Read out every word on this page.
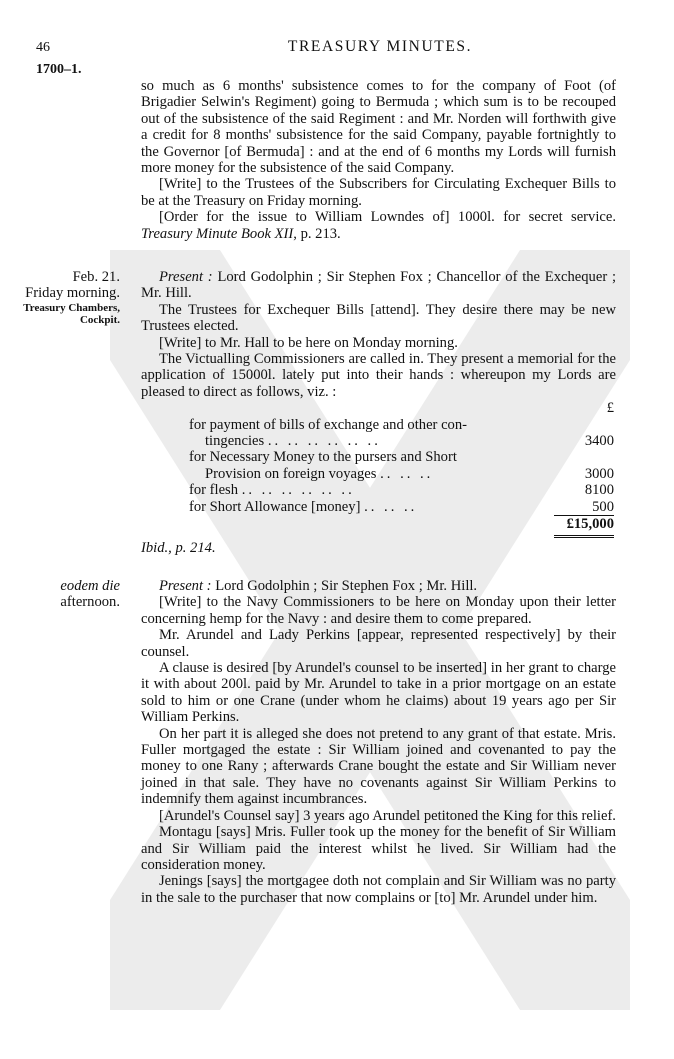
46	TREASURY MINUTES.
1700–1.

so much as 6 months' subsistence comes to for the company of Foot (of Brigadier Selwin's Regiment) going to Bermuda ; which sum is to be recouped out of the subsistence of the said Regiment : and Mr. Norden will forthwith give a credit for 8 months' subsistence for the said Company, payable fortnightly to the Governor [of Bermuda] : and at the end of 6 months my Lords will furnish more money for the subsistence of the said Company.

[Write] to the Trustees of the Subscribers for Circulating Exchequer Bills to be at the Treasury on Friday morning.

[Order for the issue to William Lowndes of] 1000l. for secret service. Treasury Minute Book XII, p. 213.

Feb. 21.
Friday morning.
Treasury Chambers, Cockpit.

Present : Lord Godolphin ; Sir Stephen Fox ; Chancellor of the Exchequer ; Mr. Hill.

The Trustees for Exchequer Bills [attend]. They desire there may be new Trustees elected.

[Write] to Mr. Hall to be here on Monday morning.

The Victualling Commissioners are called in. They present a memorial for the application of 15000l. lately put into their hands : whereupon my Lords are pleased to direct as follows, viz. :

	£
for payment of bills of exchange and other con-	
tingencies .. .. .. .. .. ..	3400
for Necessary Money to the pursers and Short	
Provision on foreign voyages .. .. ..	3000
for flesh .. .. .. .. .. ..	8100
for Short Allowance [money] .. .. ..	500
	£15,000
Ibid., p. 214.
eodem die
afternoon.

Present : Lord Godolphin ; Sir Stephen Fox ; Mr. Hill.

[Write] to the Navy Commissioners to be here on Monday upon their letter concerning hemp for the Navy : and desire them to come prepared.

Mr. Arundel and Lady Perkins [appear, represented respectively] by their counsel.

A clause is desired [by Arundel's counsel to be inserted] in her grant to charge it with about 200l. paid by Mr. Arundel to take in a prior mortgage on an estate sold to him or one Crane (under whom he claims) about 19 years ago per Sir William Perkins.

On her part it is alleged she does not pretend to any grant of that estate. Mris. Fuller mortgaged the estate : Sir William joined and covenanted to pay the money to one Rany ; afterwards Crane bought the estate and Sir William never joined in that sale. They have no covenants against Sir William Perkins to indemnify them against incumbrances.

[Arundel's Counsel say] 3 years ago Arundel petitoned the King for this relief.

Montagu [says] Mris. Fuller took up the money for the benefit of Sir William and Sir William paid the interest whilst he lived. Sir William had the consideration money.

Jenings [says] the mortgagee doth not complain and Sir William was no party in the sale to the purchaser that now complains or [to] Mr. Arundel under him.
